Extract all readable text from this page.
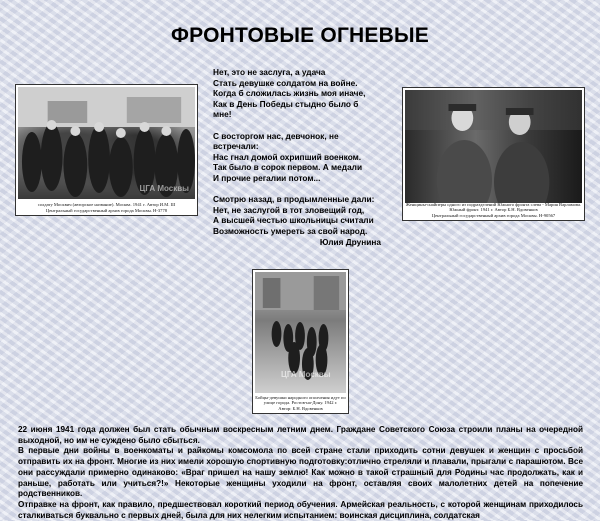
ФРОНТОВЫЕ ОГНЕВЫЕ
ЦГА Москвы
солдату Москвич (авторское название). Москва. 1941 г. Автор И.М. Ш
Центральный государственный архив города Москвы. Н-3778
Нет, это не заслуга, а удача
Стать девушке солдатом на войне.
Когда б сложилась жизнь моя иначе,
Как в День Победы стыдно было б
мне!
С восторгом нас, девчонок, не
встречали:
Нас гнал домой охрипший военком.
Так было в сорок первом. А медали
И прочие регалии потом...
Смотрю назад, в продымленные дали:
Нет, не заслугой в тот зловещий год,
А высшей честью школьницы считали
Возможность умереть за свой народ.
Юлия Друнина
Женщины-снайперы одного из подразделений Южного фронта слева - Мария Варламова.
Южный фронт. 1941 г. Автор Б.Н. Вдовенков
Центральный государственный архив города Москвы. Н-90567
ЦГА Москвы
Бойцы-девушки народного ополчения идут по
улице города. Ростов-на-Дону. 1942 г.
Автор: Б.Н. Вдовенков

22 июня 1941 года должен был стать обычным воскресным летним днем. Граждане Советского Союза строили планы на очередной выходной, но им не суждено было сбыться.

В первые дни войны в военкоматы и райкомы комсомола по всей стране стали приходить сотни девушек и женщин с просьбой отправить их на фронт. Многие из них имели хорошую спортивную подготовку:отлично стреляли и плавали, прыгали с парашютом. Все они рассуждали примерно одинаково: «Враг пришел на нашу землю! Как можно в такой страшный для Родины час продолжать, как и раньше, работать или учиться?!» Некоторые женщины уходили на фронт, оставляя своих малолетних детей на попечение родственников.

Отправке на фронт, как правило, предшествовал короткий период обучения. Армейская реальность, с которой женщинам приходилось сталкиваться буквально с первых дней, была для них нелегким испытанием: воинская дисциплина, солдатская
